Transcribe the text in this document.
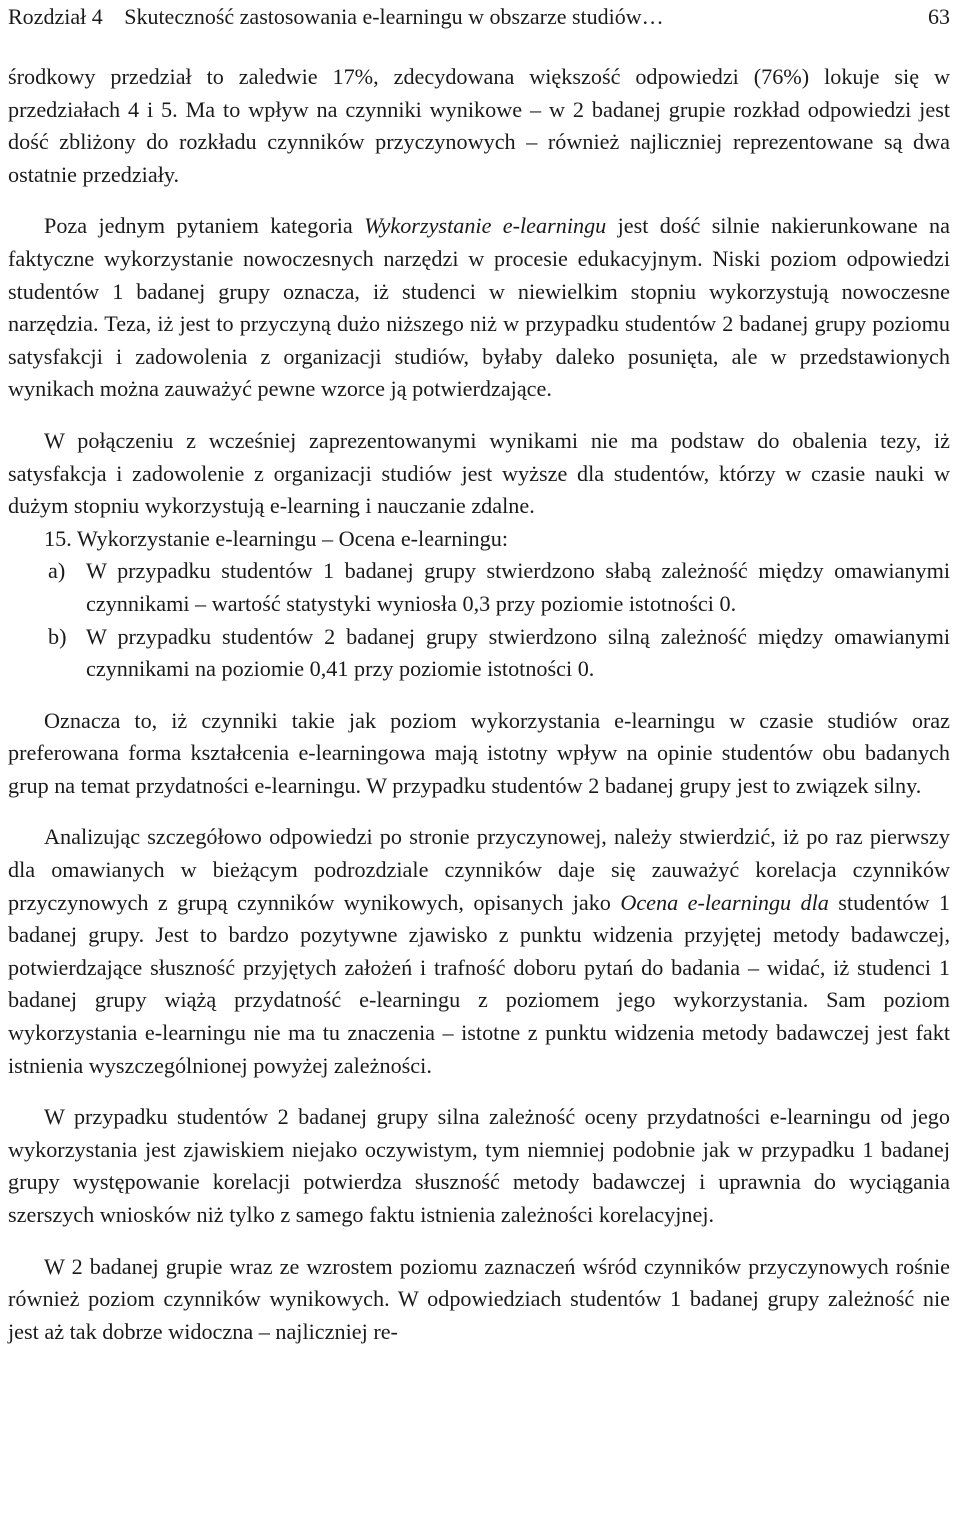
Rozdział 4 Skuteczność zastosowania e-learningu w obszarze studiów…	63

środkowy przedział to zaledwie 17%, zdecydowana większość odpowiedzi (76%) lokuje się w przedziałach 4 i 5. Ma to wpływ na czynniki wynikowe – w 2 badanej grupie rozkład odpowiedzi jest dość zbliżony do rozkładu czynników przyczynowych – również najliczniej reprezentowane są dwa ostatnie przedziały.

Poza jednym pytaniem kategoria Wykorzystanie e-learningu jest dość silnie nakierunkowane na faktyczne wykorzystanie nowoczesnych narzędzi w procesie edukacyjnym. Niski poziom odpowiedzi studentów 1 badanej grupy oznacza, iż studenci w niewielkim stopniu wykorzystują nowoczesne narzędzia. Teza, iż jest to przyczyną dużo niższego niż w przypadku studentów 2 badanej grupy poziomu satysfakcji i zadowolenia z organizacji studiów, byłaby daleko posunięta, ale w przedstawionych wynikach można zauważyć pewne wzorce ją potwierdzające.

W połączeniu z wcześniej zaprezentowanymi wynikami nie ma podstaw do obalenia tezy, iż satysfakcja i zadowolenie z organizacji studiów jest wyższe dla studentów, którzy w czasie nauki w dużym stopniu wykorzystują e-learning i nauczanie zdalne.

15. Wykorzystanie e-learningu – Ocena e-learningu:

a) W przypadku studentów 1 badanej grupy stwierdzono słabą zależność między omawianymi czynnikami – wartość statystyki wyniosła 0,3 przy poziomie istotności 0.

b) W przypadku studentów 2 badanej grupy stwierdzono silną zależność między omawianymi czynnikami na poziomie 0,41 przy poziomie istotności 0.

Oznacza to, iż czynniki takie jak poziom wykorzystania e-learningu w czasie studiów oraz preferowana forma kształcenia e-learningowa mają istotny wpływ na opinie studentów obu badanych grup na temat przydatności e-learningu. W przypadku studentów 2 badanej grupy jest to związek silny.

Analizując szczegółowo odpowiedzi po stronie przyczynowej, należy stwierdzić, iż po raz pierwszy dla omawianych w bieżącym podrozdziale czynników daje się zauważyć korelacja czynników przyczynowych z grupą czynników wynikowych, opisanych jako Ocena e-learningu dla studentów 1 badanej grupy. Jest to bardzo pozytywne zjawisko z punktu widzenia przyjętej metody badawczej, potwierdzające słuszność przyjętych założeń i trafność doboru pytań do badania – widać, iż studenci 1 badanej grupy wiążą przydatność e-learningu z poziomem jego wykorzystania. Sam poziom wykorzystania e-learningu nie ma tu znaczenia – istotne z punktu widzenia metody badawczej jest fakt istnienia wyszczególnionej powyżej zależności.

W przypadku studentów 2 badanej grupy silna zależność oceny przydatności e-learningu od jego wykorzystania jest zjawiskiem niejako oczywistym, tym niemniej podobnie jak w przypadku 1 badanej grupy występowanie korelacji potwierdza słuszność metody badawczej i uprawnia do wyciągania szerszych wniosków niż tylko z samego faktu istnienia zależności korelacyjnej.

W 2 badanej grupie wraz ze wzrostem poziomu zaznaczeń wśród czynników przyczynowych rośnie również poziom czynników wynikowych. W odpowiedziach studentów 1 badanej grupy zależność nie jest aż tak dobrze widoczna – najliczniej re-
